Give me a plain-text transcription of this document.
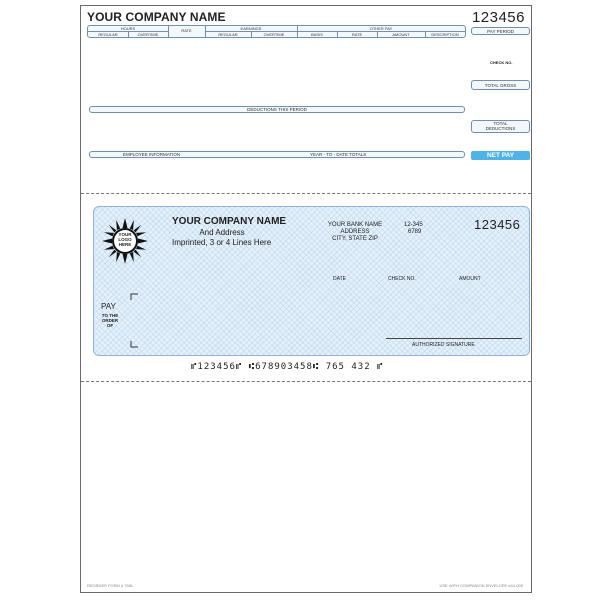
YOUR COMPANY NAME	123456
HOURS	RATE	EARNINGS	OTHER PAY
REGULAR	OVERTIME	REGULAR	OVERTIME	BASIS	RATE	AMOUNT	DESCRIPTION
PAY PERIOD
CHECK NO.
TOTAL GROSS
DEDUCTIONS THIS PERIOD
TOTAL
DEDUCTIONS
EMPLOYEE INFORMATION	YEAR - TO - DATE TOTALS	NET PAY
YOUR
LOGO
HERE
YOUR COMPANY NAME
And Address
Imprinted, 3 or 4 Lines Here
YOUR BANK NAME
ADDRESS
CITY, STATE ZIP
12-345
6789	123456
DATE	CHECK NO.	AMOUNT
PAY
TO THE
ORDER
OF
AUTHORIZED SIGNATURE
⑈123456⑈ ⑆678903458⑆ 765 432 ⑈
REORDER FORM # 765L	USE WITH COMPANION ENVELOPE #44-005
